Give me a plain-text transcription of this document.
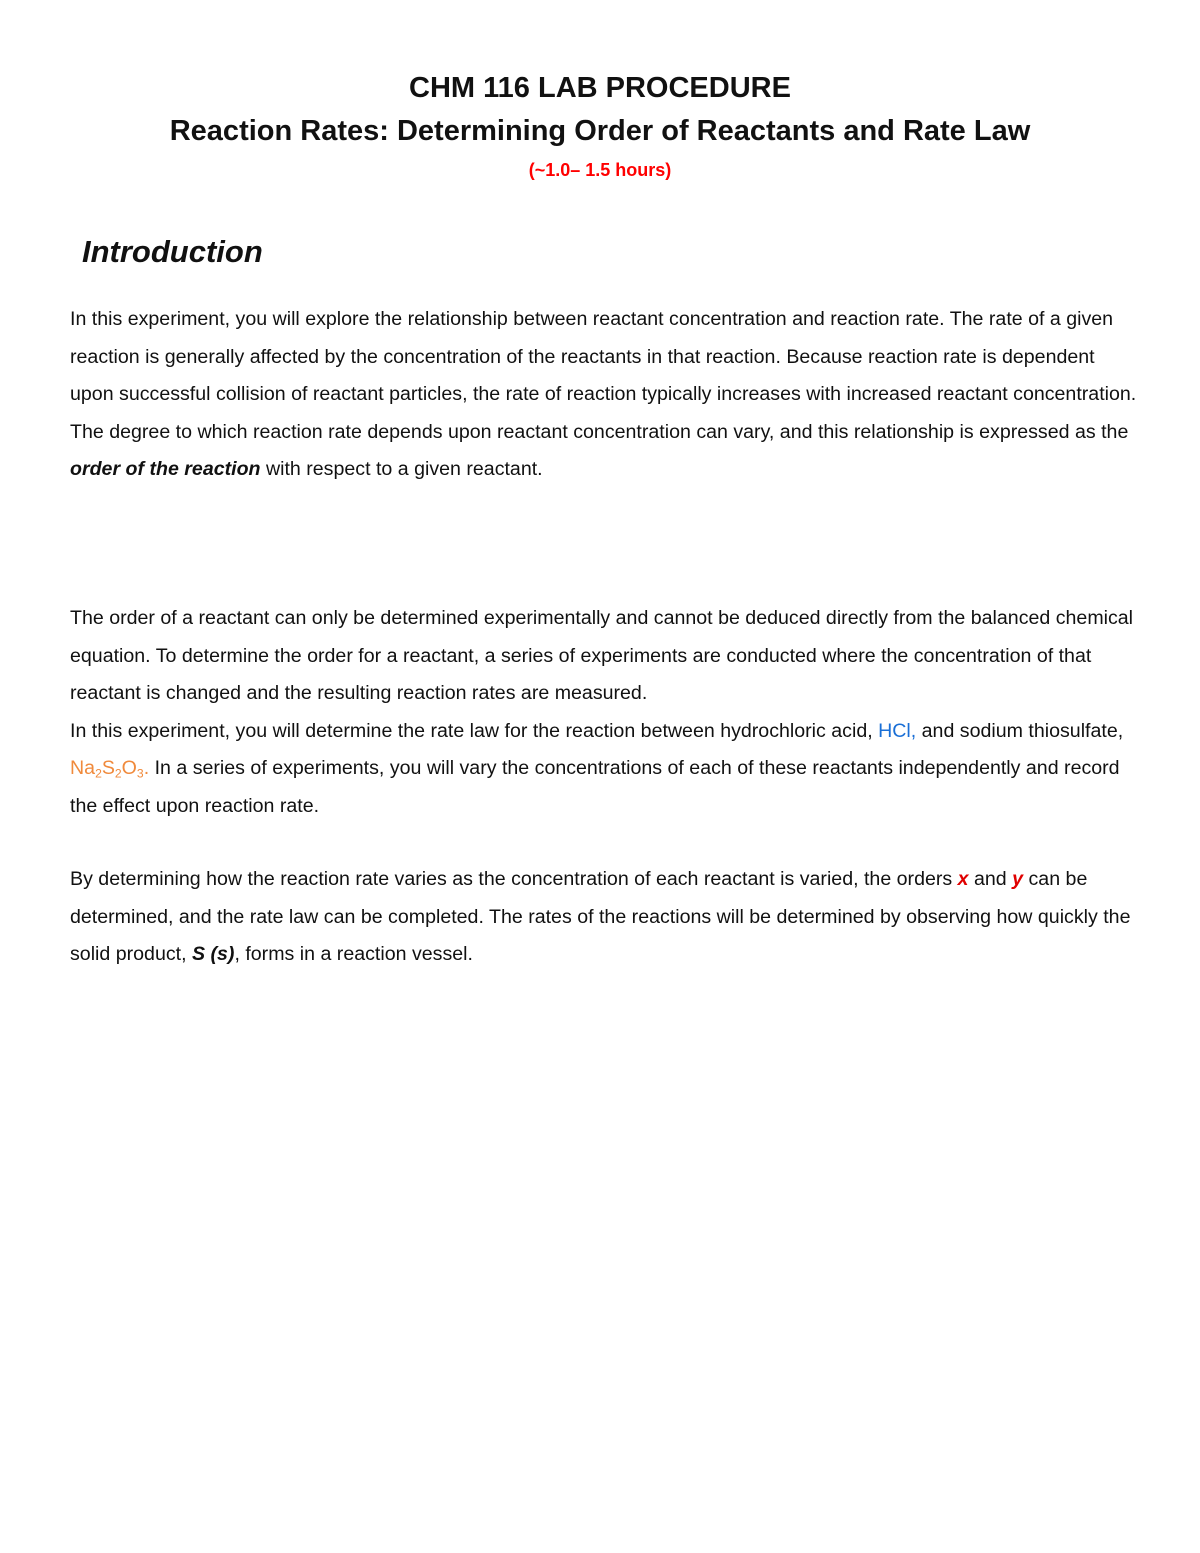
CHM 116 LAB PROCEDURE
Reaction Rates: Determining Order of Reactants and Rate Law
(~1.0– 1.5 hours)
Introduction

In this experiment, you will explore the relationship between reactant concentration and reaction rate. The rate of a given reaction is generally affected by the concentration of the reactants in that reaction. Because reaction rate is dependent upon successful collision of reactant particles, the rate of reaction typically increases with increased reactant concentration. The degree to which reaction rate depends upon reactant concentration can vary, and this relationship is expressed as the order of the reaction with respect to a given reactant.

The order of a reactant can only be determined experimentally and cannot be deduced directly from the balanced chemical equation. To determine the order for a reactant, a series of experiments are conducted where the concentration of that reactant is changed and the resulting reaction rates are measured.
In this experiment, you will determine the rate law for the reaction between hydrochloric acid, HCl, and sodium thiosulfate, $Na_2S_2O_3$. In a series of experiments, you will vary the concentrations of each of these reactants independently and record the effect upon reaction rate.

By determining how the reaction rate varies as the concentration of each reactant is varied, the orders x and y can be determined, and the rate law can be completed. The rates of the reactions will be determined by observing how quickly the solid product, S (s), forms in a reaction vessel.
